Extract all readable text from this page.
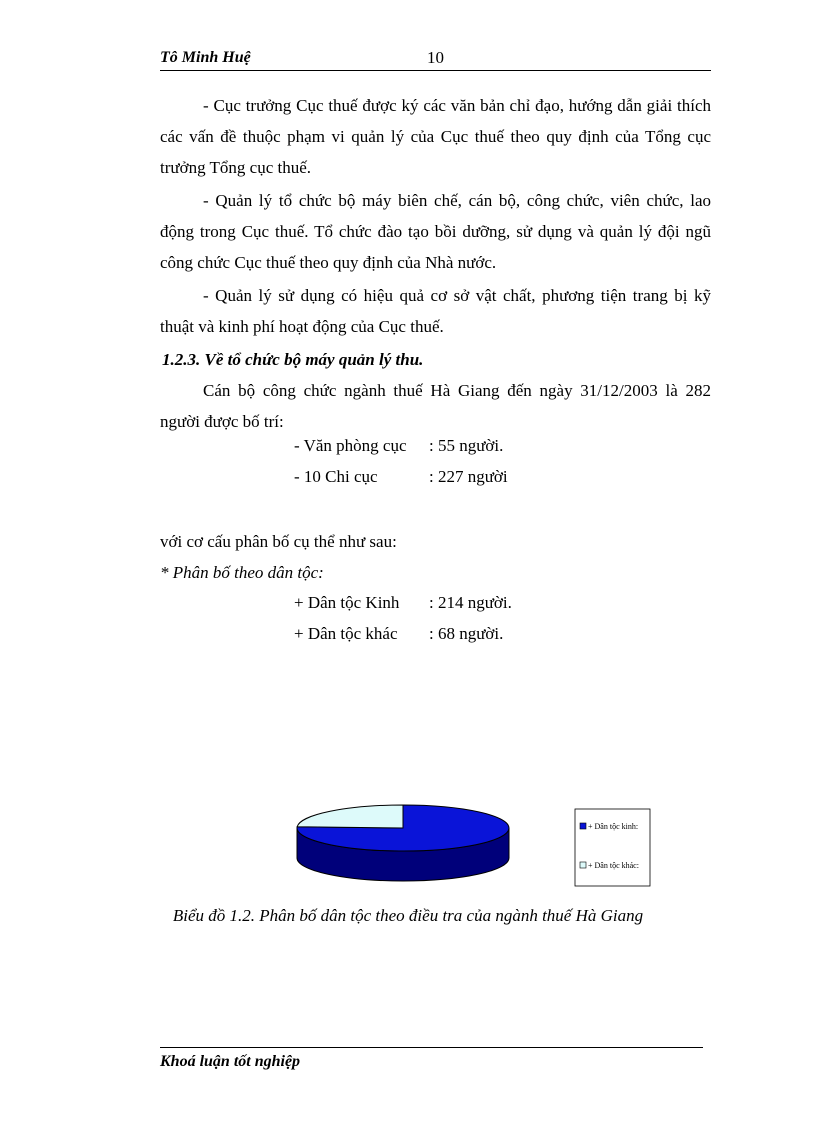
Tô Minh Huệ	10

- Cục trưởng Cục thuế được ký các văn bản chỉ đạo, hướng dẫn giải thích các vấn đề thuộc phạm vi quản lý của Cục thuế theo quy định của Tổng cục trưởng Tổng cục thuế.

- Quản lý tổ chức bộ máy biên chế, cán bộ, công chức, viên chức, lao động trong Cục thuế. Tổ chức đào tạo bồi dưỡng, sử dụng và quản lý đội ngũ công chức Cục thuế theo quy định của Nhà nước.

- Quản lý sử dụng có hiệu quả cơ sở vật chất, phương tiện trang bị kỹ thuật và kinh phí hoạt động của Cục thuế.

1.2.3. Về tổ chức bộ máy quản lý thu.

Cán bộ công chức ngành thuế Hà Giang đến ngày 31/12/2003 là 282 người được bố trí:

- Văn phòng cục	: 55 người.
- 10 Chi cục	: 227 người
với cơ cấu phân bố cụ thể như sau:
* Phân bố theo dân tộc:
+ Dân tộc Kinh	: 214 người.
+ Dân tộc khác	: 68 người.
+ Dân tộc kinh:
+ Dân tộc khác:
Biểu đồ 1.2. Phân bố dân tộc theo điều tra của ngành thuế Hà Giang
Khoá luận tốt nghiệp
